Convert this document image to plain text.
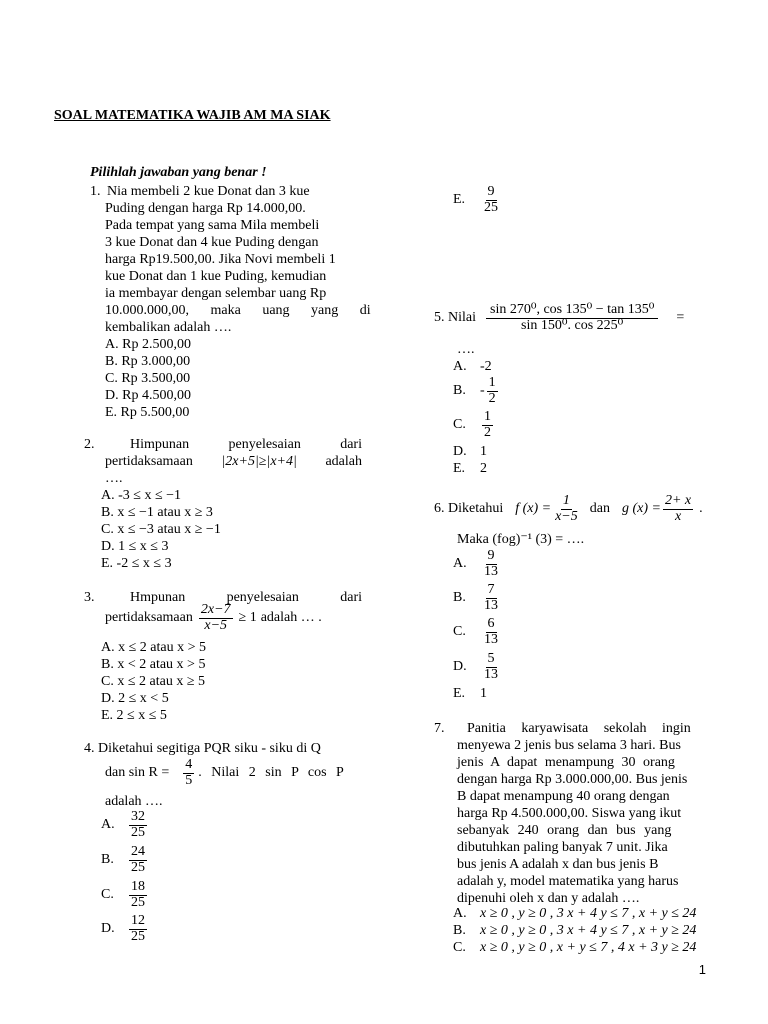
SOAL MATEMATIKA WAJIB AM MA SIAK
Pilihlah jawaban yang benar !
1. Nia membeli 2 kue Donat dan 3 kue
Puding dengan harga Rp 14.000,00.
Pada tempat yang sama Mila membeli
3 kue Donat dan 4 kue Puding dengan
harga Rp19.500,00. Jika Novi membeli 1
kue Donat dan 1 kue Puding, kemudian
ia membayar dengan selembar uang Rp
10.000.000,00, maka uang yang di
kembalikan adalah ….
A. Rp 2.500,00
B. Rp 3.000,00
C. Rp 3.500,00
D. Rp 4.500,00
E. Rp 5.500,00
2.	Himpunan	penyelesaian	dari
pertidaksamaan |2x+5|≥|x+4| adalah
….
A. -3 ≤ x ≤ −1
B. x ≤ −1 atau x ≥ 3
C. x ≤ −3 atau x ≥ −1
D. 1 ≤ x ≤ 3
E. -2 ≤ x ≤ 3
3.	Hmpunan	penyelesaian	dari
pertidaksamaan $\frac{2x-7}{x-5} \ge 1$ adalah … .
A. x ≤ 2 atau x > 5
B. x < 2 atau x > 5
C. x ≤ 2 atau x ≥ 5
D. 2 ≤ x < 5
E. 2 ≤ x ≤ 5
4. Diketahui segitiga PQR siku - siku di Q
dan $\sin R = \frac{4}{5}$ . Nilai 2 sin P cos P
adalah ….
A.	$\frac{32}{25}$
B.	$\frac{24}{25}$
C.	$\frac{18}{25}$
D.	$\frac{12}{25}$
E.	$\frac{9}{25}$
5. Nilai $\frac{\text{sin 270⁰, cos 135⁰ − tan 135⁰}}{\text{sin 150⁰. cos 225⁰}}$ =
….
A. -2
B.	- $\frac{1}{2}$
C.	$\frac{1}{2}$
D. 1
E.	2
6. Diketahui f $(x) = \frac{1}{x-5}$ dan g $(x) = \frac{2+ x}{x}$ .
Maka (fog)⁻¹ (3) = ….
A.	$\frac{9}{13}$
B.	$\frac{7}{13}$
C.	$\frac{6}{13}$
D.	$\frac{5}{13}$
E.	1
7. Panitia karyawisata sekolah ingin
menyewa 2 jenis bus selama 3 hari. Bus
jenis A dapat menampung 30 orang
dengan harga Rp 3.000.000,00. Bus jenis
B dapat menampung 40 orang dengan
harga Rp 4.500.000,00. Siswa yang ikut
sebanyak 240 orang dan bus yang
dibutuhkan paling banyak 7 unit. Jika
bus jenis A adalah x dan bus jenis B
adalah y, model matematika yang harus
dipenuhi oleh x dan y adalah ….
A. x ≥ 0 , y ≥ 0 , 3 x + 4 y ≤ 7 , x + y ≤ 24
B.	x ≥ 0 , y ≥ 0 , 3 x + 4 y ≤ 7 , x + y ≥ 24
C.	x ≥ 0 , y ≥ 0 , x + y ≤ 7 , 4 x + 3 y ≥ 24
1
